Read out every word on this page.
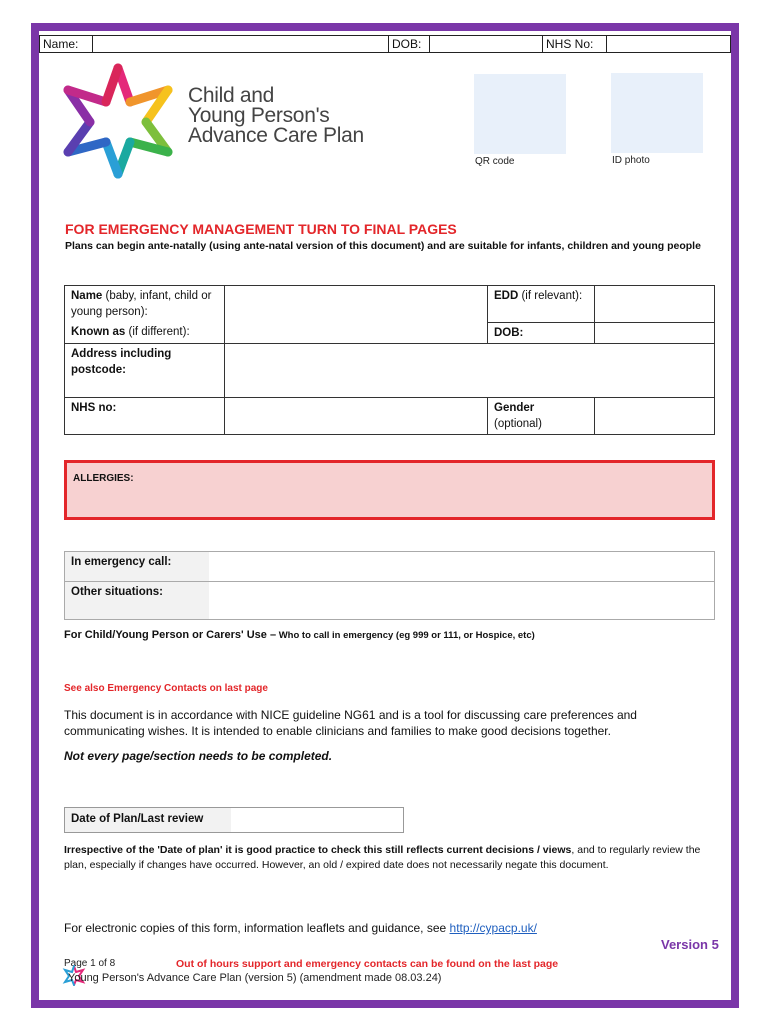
Name:	DOB:	NHS No:
Child and
Young Person's
Advance Care Plan
QR code	ID photo
FOR EMERGENCY MANAGEMENT TURN TO FINAL PAGES
Plans can begin ante-natally (using ante-natal version of this document) and are suitable for infants, children and young people
Name (baby, infant, child or young person):		EDD (if relevant):	
Known as (if different):		DOB:	
Address including postcode:			
NHS no:		Gender
(optional)	
ALLERGIES:
In emergency call:	
Other situations:	
For Child/Young Person or Carers' Use – Who to call in emergency (eg 999 or 111, or Hospice, etc)
See also Emergency Contacts on last page
This document is in accordance with NICE guideline NG61 and is a tool for discussing care preferences and communicating wishes. It is intended to enable clinicians and families to make good decisions together.
Not every page/section needs to be completed.
Date of Plan/Last review
Irrespective of the 'Date of plan' it is good practice to check this still reflects current decisions / views, and to regularly review the plan, especially if changes have occurred. However, an old / expired date does not necessarily negate this document.
For electronic copies of this form, information leaflets and guidance, see http://cypacp.uk/
Version 5
Page 1 of 8	Out of hours support and emergency contacts can be found on the last page
Young Person's Advance Care Plan (version 5) (amendment made 08.03.24)
